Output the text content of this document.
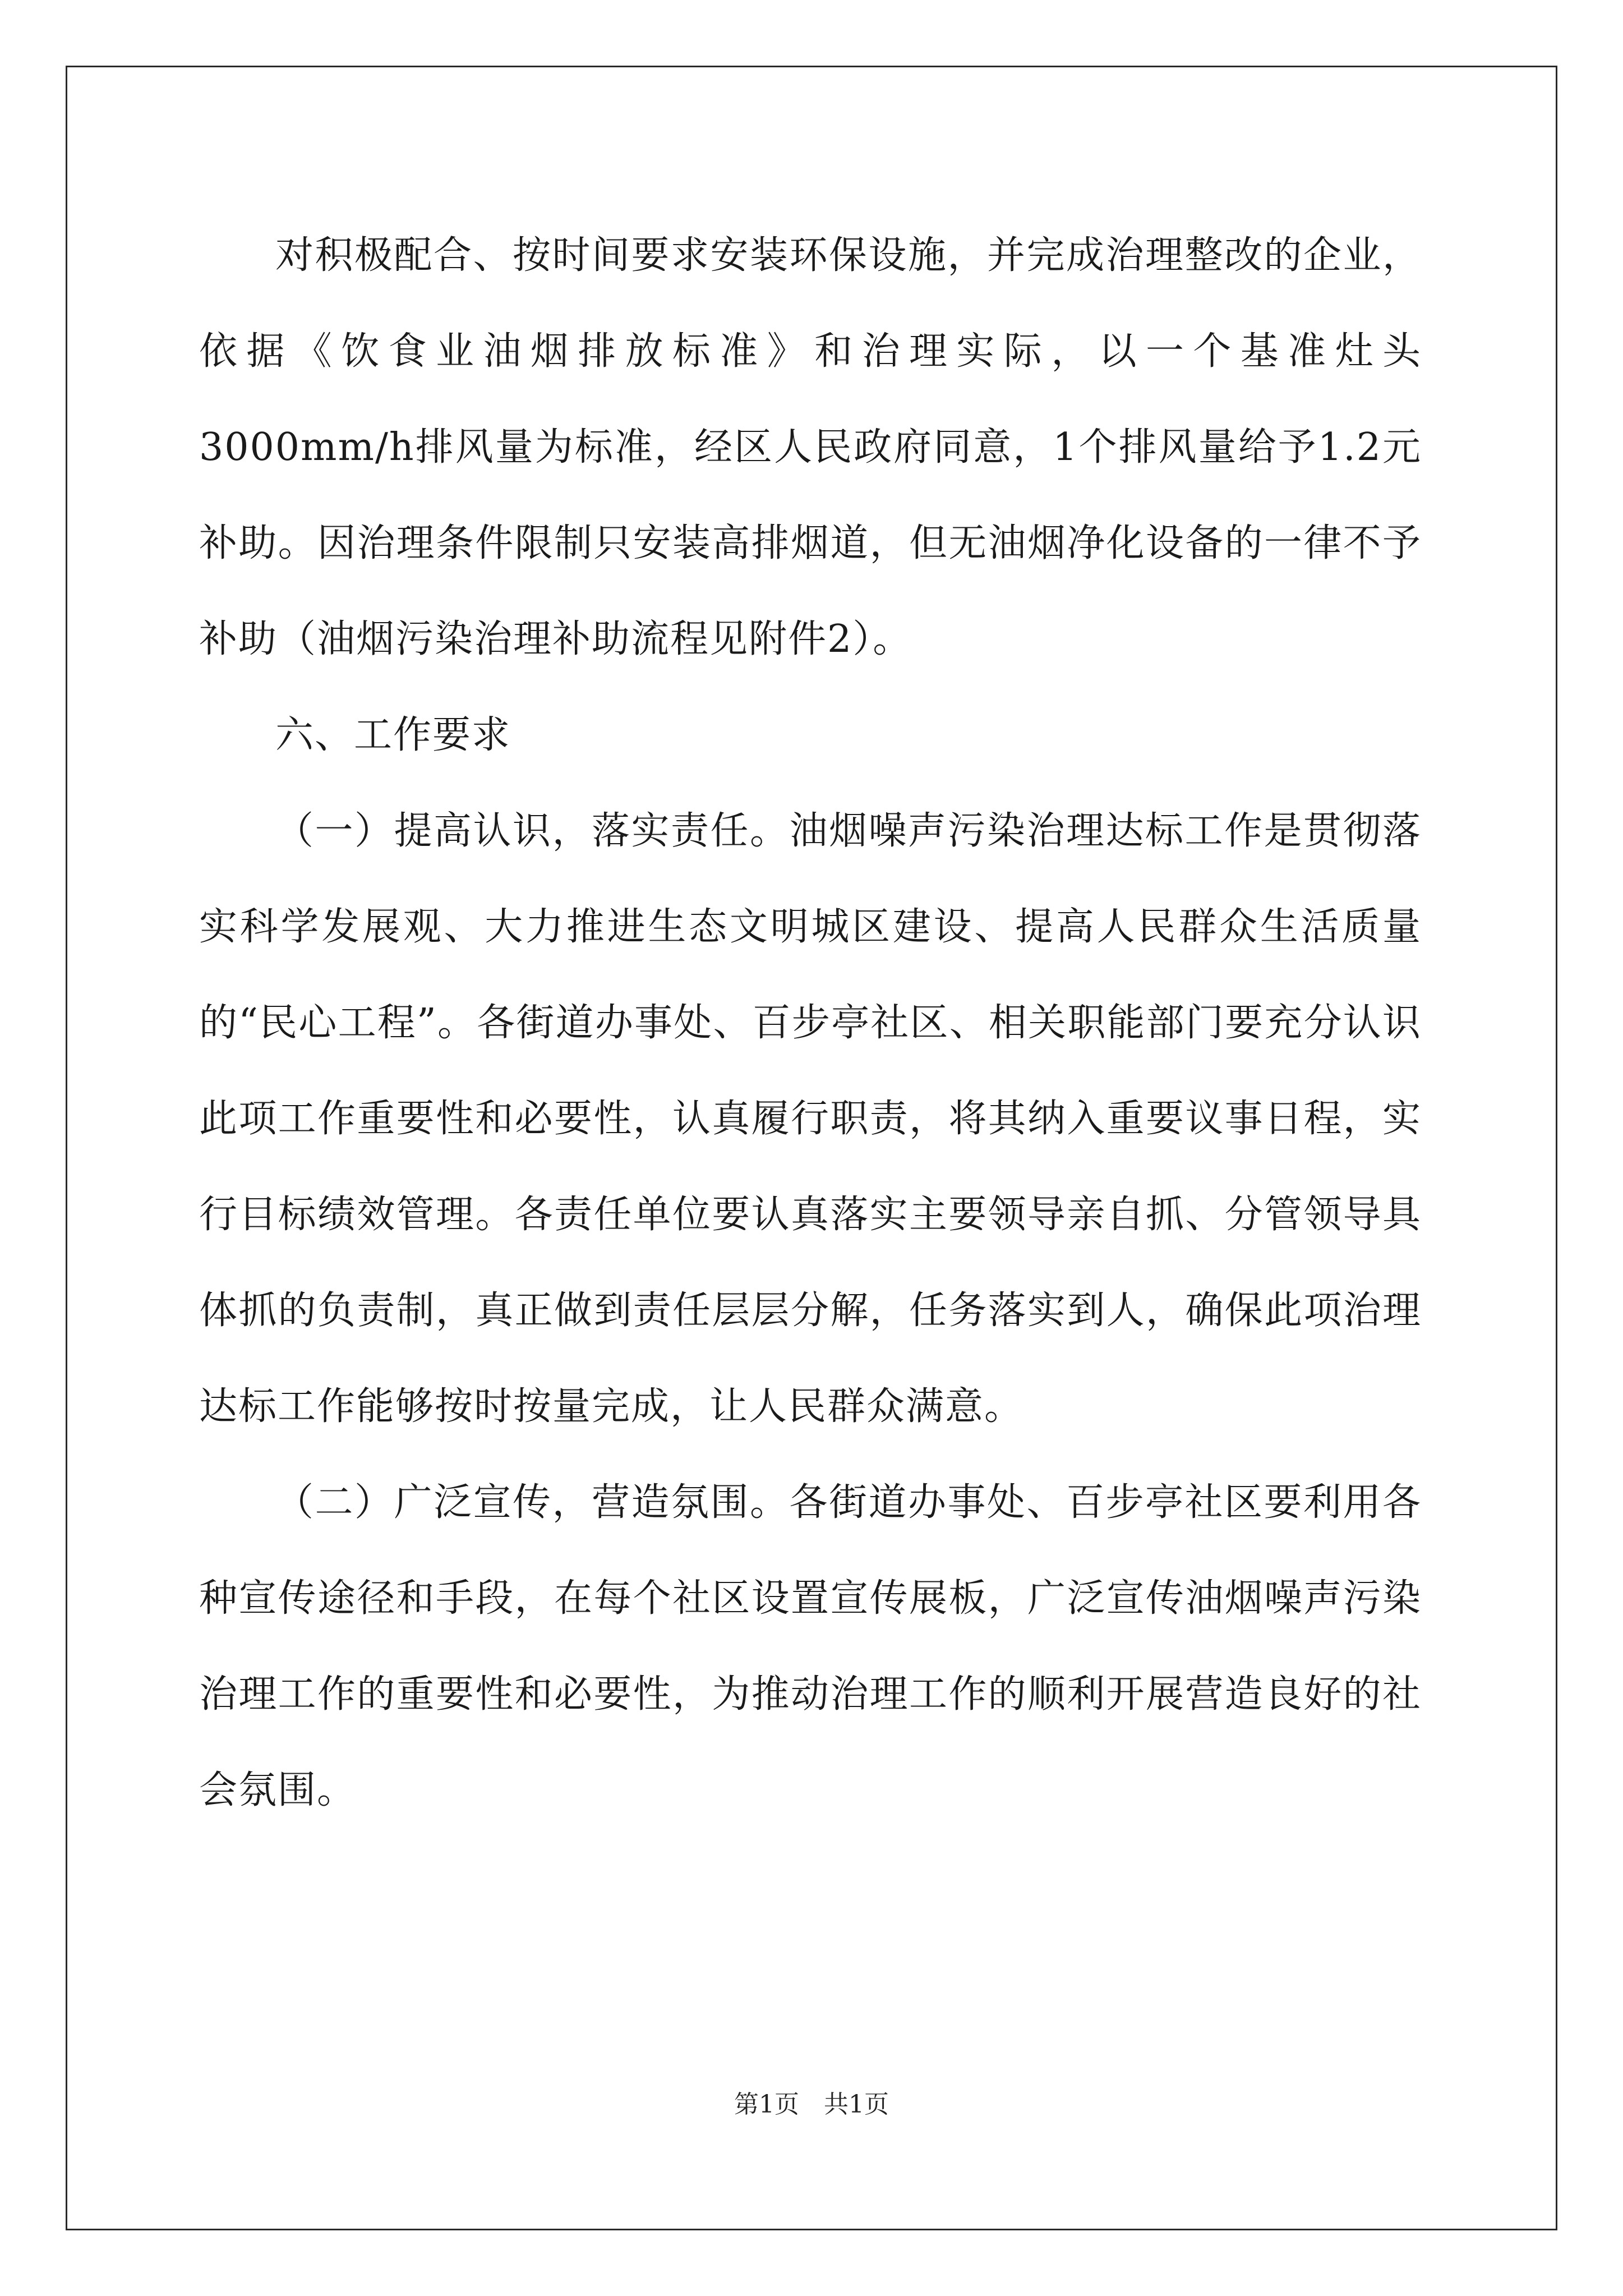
对积极配合、按时间要求安装环保设施，并完成治理整改的企业，依据《饮食业油烟排放标准》和治理实际，以一个基准灶头3000mm/h排风量为标准，经区人民政府同意，1个排风量给予1.2元补助。因治理条件限制只安装高排烟道，但无油烟净化设备的一律不予补助（油烟污染治理补助流程见附件2）。

六、工作要求

（一）提高认识，落实责任。油烟噪声污染治理达标工作是贯彻落实科学发展观、大力推进生态文明城区建设、提高人民群众生活质量的“民心工程”。各街道办事处、百步亭社区、相关职能部门要充分认识此项工作重要性和必要性，认真履行职责，将其纳入重要议事日程，实行目标绩效管理。各责任单位要认真落实主要领导亲自抓、分管领导具体抓的负责制，真正做到责任层层分解，任务落实到人，确保此项治理达标工作能够按时按量完成，让人民群众满意。

（二）广泛宣传，营造氛围。各街道办事处、百步亭社区要利用各种宣传途径和手段，在每个社区设置宣传展板，广泛宣传油烟噪声污染治理工作的重要性和必要性，为推动治理工作的顺利开展营造良好的社会氛围。

第1页　共1页
